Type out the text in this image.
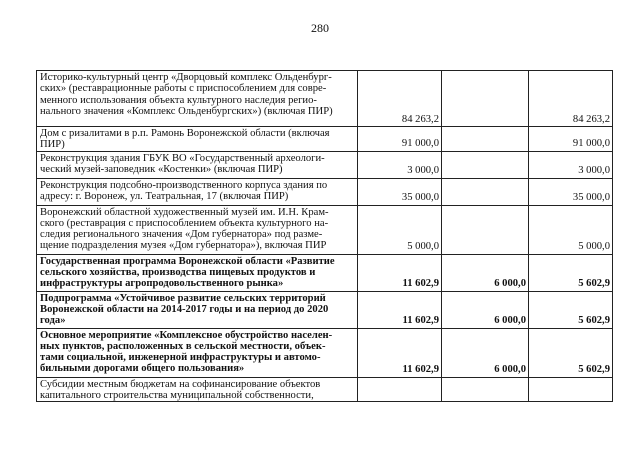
280
Историко-культурный центр «Дворцовый комплекс Ольденбург-
ских» (реставрационные работы с приспособлением для совре-
менного использования объекта культурного наследия регио-
нального значения «Комплекс Ольденбургских») (включая ПИР)	84 263,2		84 263,2

Дом с ризалитами в р.п. Рамонь Воронежской области (включая
ПИР)	91 000,0		91 000,0

Реконструкция здания ГБУК ВО «Государственный археологи-
ческий музей-заповедник «Костенки» (включая ПИР)	3 000,0		3 000,0

Реконструкция подсобно-производственного корпуса здания по
адресу: г. Воронеж, ул. Театральная, 17 (включая ПИР)	35 000,0		35 000,0

Воронежский областной художественный музей им. И.Н. Крам-
ского (реставрация с приспособлением объекта культурного на-
следия регионального значения «Дом губернатора» под разме-
щение подразделения музея «Дом губернатора»), включая ПИР	5 000,0		5 000,0

Государственная программа Воронежской области «Развитие
сельского хозяйства, производства пищевых продуктов и
инфраструктуры агропродовольственного рынка»	11 602,9	6 000,0	5 602,9

Подпрограмма «Устойчивое развитие сельских территорий
Воронежской области на 2014-2017 годы и на период до 2020
года»	11 602,9	6 000,0	5 602,9

Основное мероприятие «Комплексное обустройство населен-
ных пунктов, расположенных в сельской местности, объек-
тами социальной, инженерной инфраструктуры и автомо-
бильными дорогами общего пользования»	11 602,9	6 000,0	5 602,9

Субсидии местным бюджетам на софинансирование объектов
капитального строительства муниципальной собственности,			
